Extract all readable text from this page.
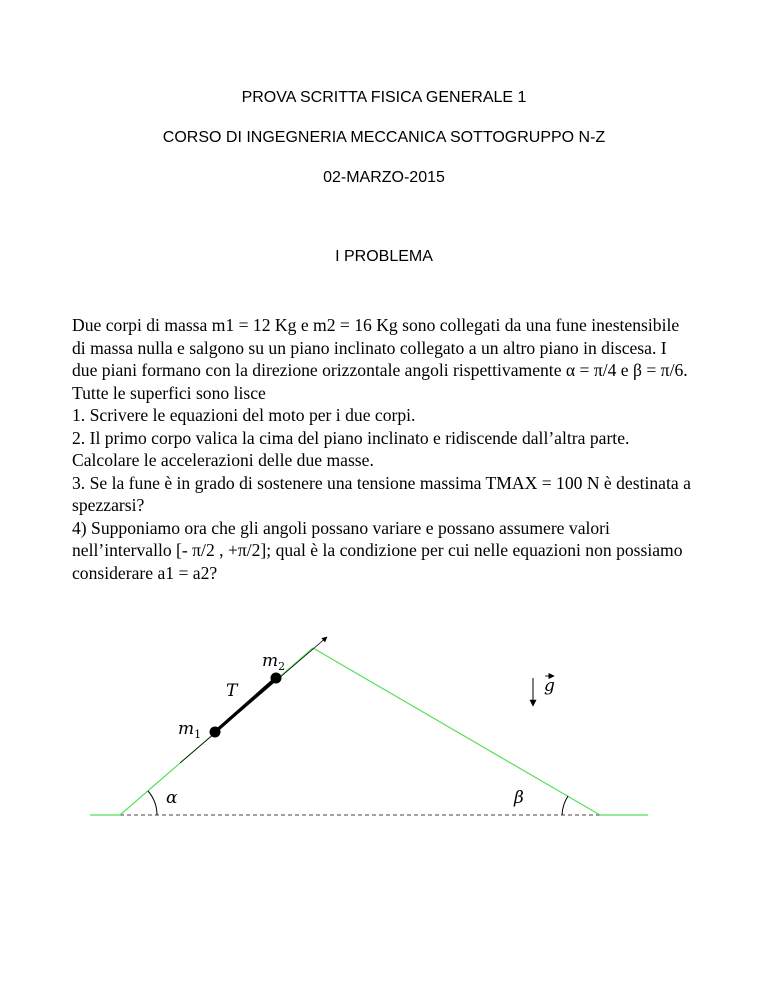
PROVA SCRITTA FISICA GENERALE 1
CORSO DI INGEGNERIA MECCANICA SOTTOGRUPPO N-Z
02-MARZO-2015
I PROBLEMA
Due corpi di massa m1 = 12 Kg e m2 = 16 Kg sono collegati da una fune inestensibile
di massa nulla e salgono su un piano inclinato collegato a un altro piano in discesa. I
due piani formano con la direzione orizzontale angoli rispettivamente α = π/4 e β = π/6.
Tutte le superfici sono lisce
1. Scrivere le equazioni del moto per i due corpi.
2. Il primo corpo valica la cima del piano inclinato e ridiscende dall’altra parte.
Calcolare le accelerazioni delle due masse.
3. Se la fune è in grado di sostenere una tensione massima TMAX = 100 N è destinata a
spezzarsi?
4) Supponiamo ora che gli angoli possano variare e possano assumere valori
nell’intervallo [- π/2 , +π/2]; qual è la condizione per cui nelle equazioni non possiamo
considerare a1 = a2?
$m_2$
T
$m_1$
g
α	β
